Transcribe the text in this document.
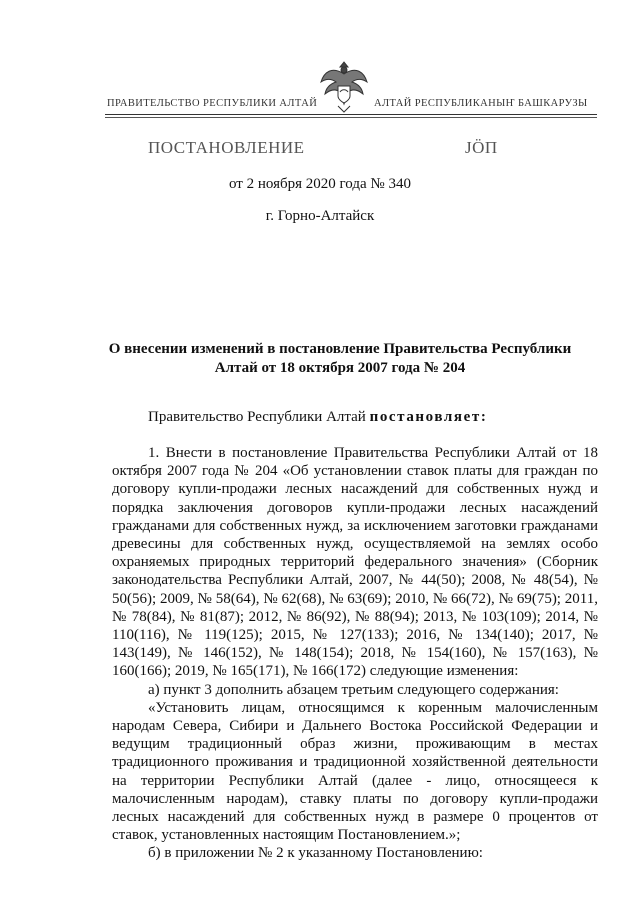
ПРАВИТЕЛЬСТВО РЕСПУБЛИКИ АЛТАЙ	АЛТАЙ РЕСПУБЛИКАНЫҤ БАШКАРУЗЫ
ПОСТАНОВЛЕНИЕ	ЈӦП
от 2 ноября 2020 года № 340
г. Горно-Алтайск
О внесении изменений в постановление Правительства Республики
Алтай от 18 октября 2007 года № 204
Правительство Республики Алтай постановляет:

1. Внести в постановление Правительства Республики Алтай от 18 октября 2007 года № 204 «Об установлении ставок платы для граждан по договору купли-продажи лесных насаждений для собственных нужд и порядка заключения договоров купли-продажи лесных насаждений гражданами для собственных нужд, за исключением заготовки гражданами древесины для собственных нужд, осуществляемой на землях особо охраняемых природных территорий федерального значения» (Сборник законодательства Республики Алтай, 2007, № 44(50); 2008, № 48(54), № 50(56); 2009, № 58(64), № 62(68), № 63(69); 2010, № 66(72), № 69(75); 2011, № 78(84), № 81(87); 2012, № 86(92), № 88(94); 2013, № 103(109); 2014, № 110(116), № 119(125); 2015, № 127(133); 2016, № 134(140); 2017, № 143(149), № 146(152), № 148(154); 2018, № 154(160), № 157(163), № 160(166); 2019, № 165(171), № 166(172) следующие изменения:

а) пункт 3 дополнить абзацем третьим следующего содержания:

«Установить лицам, относящимся к коренным малочисленным народам Севера, Сибири и Дальнего Востока Российской Федерации и ведущим традиционный образ жизни, проживающим в местах традиционного проживания и традиционной хозяйственной деятельности на территории Республики Алтай (далее - лицо, относящееся к малочисленным народам), ставку платы по договору купли-продажи лесных насаждений для собственных нужд в размере 0 процентов от ставок, установленных настоящим Постановлением.»;

б) в приложении № 2 к указанному Постановлению:
